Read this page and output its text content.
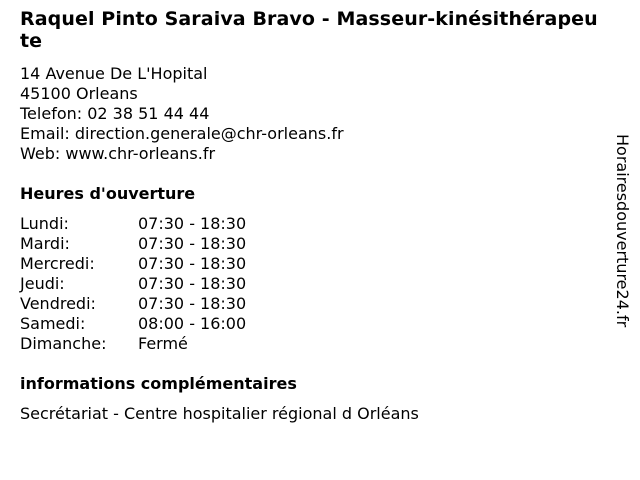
Raquel Pinto Saraiva Bravo - Masseur-kinésithérapeute
14 Avenue De L'Hopital
45100 Orleans
Telefon: 02 38 51 44 44
Email: direction.generale@chr-orleans.fr
Web: www.chr-orleans.fr
Heures d'ouverture
Lundi:	07:30 - 18:30
Mardi:	07:30 - 18:30
Mercredi:	07:30 - 18:30
Jeudi:	07:30 - 18:30
Vendredi:	07:30 - 18:30
Samedi:	08:00 - 16:00
Dimanche:	Fermé
informations complémentaires
Secrétariat - Centre hospitalier régional d Orléans
Horairesdouverture24.fr
